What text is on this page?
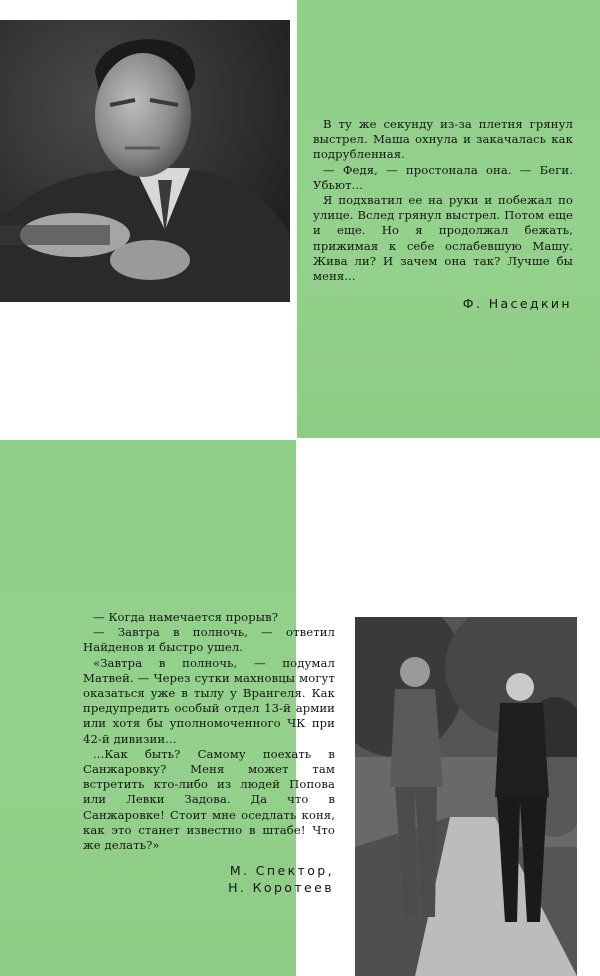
В ту же секунду из-за плетня грянул выстрел. Маша охнула и закачалась как подрубленная.

— Федя, — простонала она. — Беги. Убьют...

Я подхватил ее на руки и побежал по улице. Вслед грянул выстрел. Потом еще и еще. Но я продолжал бежать, прижимая к себе ослабевшую Машу. Жива ли? И зачем она так? Лучше бы меня...

Ф. Наседкин

— Когда намечается прорыв?

— Завтра в полночь, — ответил Найденов и быстро ушел.

«Завтра в полночь, — подумал Матвей. — Через сутки махновцы могут оказаться уже в тылу у Врангеля. Как предупредить особый отдел 13-й армии или хотя бы уполномоченного ЧК при 42-й дивизии...

...Как быть? Самому поехать в Санжаровку? Меня может там встретить кто-либо из людей Попова или Левки Задова. Да что в Санжаровке! Стоит мне оседлать коня, как это станет известно в штабе! Что же делать?»

М. Спектор,
Н. Коротеев
